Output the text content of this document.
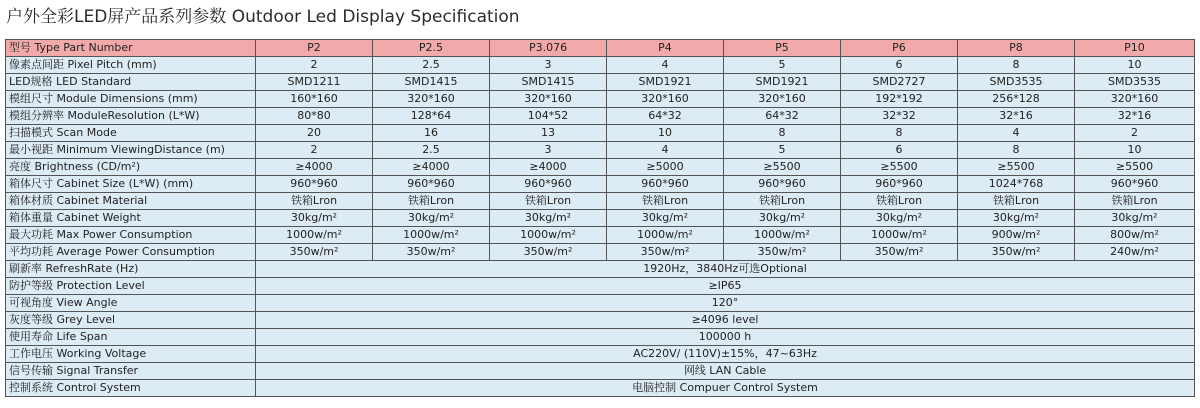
户外全彩LED屏产品系列参数 Outdoor Led Display Specification
型号 Type Part Number	P2	P2.5	P3.076	P4	P5	P6	P8	P10
像素点间距 Pixel Pitch (mm)	2	2.5	3	4	5	6	8	10
LED规格 LED Standard	SMD1211	SMD1415	SMD1415	SMD1921	SMD1921	SMD2727	SMD3535	SMD3535
模组尺寸 Module Dimensions (mm)	160*160	320*160	320*160	320*160	320*160	192*192	256*128	320*160
模组分辨率 ModuleResolution (L*W)	80*80	128*64	104*52	64*32	64*32	32*32	32*16	32*16
扫描模式 Scan Mode	20	16	13	10	8	8	4	2
最小视距 Minimum ViewingDistance (m)	2	2.5	3	4	5	6	8	10
亮度 Brightness (CD/m²)	≥4000	≥4000	≥4000	≥5000	≥5500	≥5500	≥5500	≥5500
箱体尺寸 Cabinet Size (L*W) (mm)	960*960	960*960	960*960	960*960	960*960	960*960	1024*768	960*960
箱体材质 Cabinet Material	铁箱Lron	铁箱Lron	铁箱Lron	铁箱Lron	铁箱Lron	铁箱Lron	铁箱Lron	铁箱Lron
箱体重量 Cabinet Weight	30kg/m²	30kg/m²	30kg/m²	30kg/m²	30kg/m²	30kg/m²	30kg/m²	30kg/m²
最大功耗 Max Power Consumption	1000w/m²	1000w/m²	1000w/m²	1000w/m²	1000w/m²	1000w/m²	900w/m²	800w/m²
平均功耗 Average Power Consumption	350w/m²	350w/m²	350w/m²	350w/m²	350w/m²	350w/m²	350w/m²	240w/m²
刷新率 RefreshRate (Hz)	1920Hz，3840Hz可选Optional							
防护等级 Protection Level	≥IP65							
可视角度 View Angle	120°							
灰度等级 Grey Level	≥4096 level							
使用寿命 Life Span	100000 h							
工作电压 Working Voltage	AC220V/ (110V)±15%，47~63Hz							
信号传输 Signal Transfer	网线 LAN Cable							
控制系统 Control System	电脑控制 Compuer Control System							
